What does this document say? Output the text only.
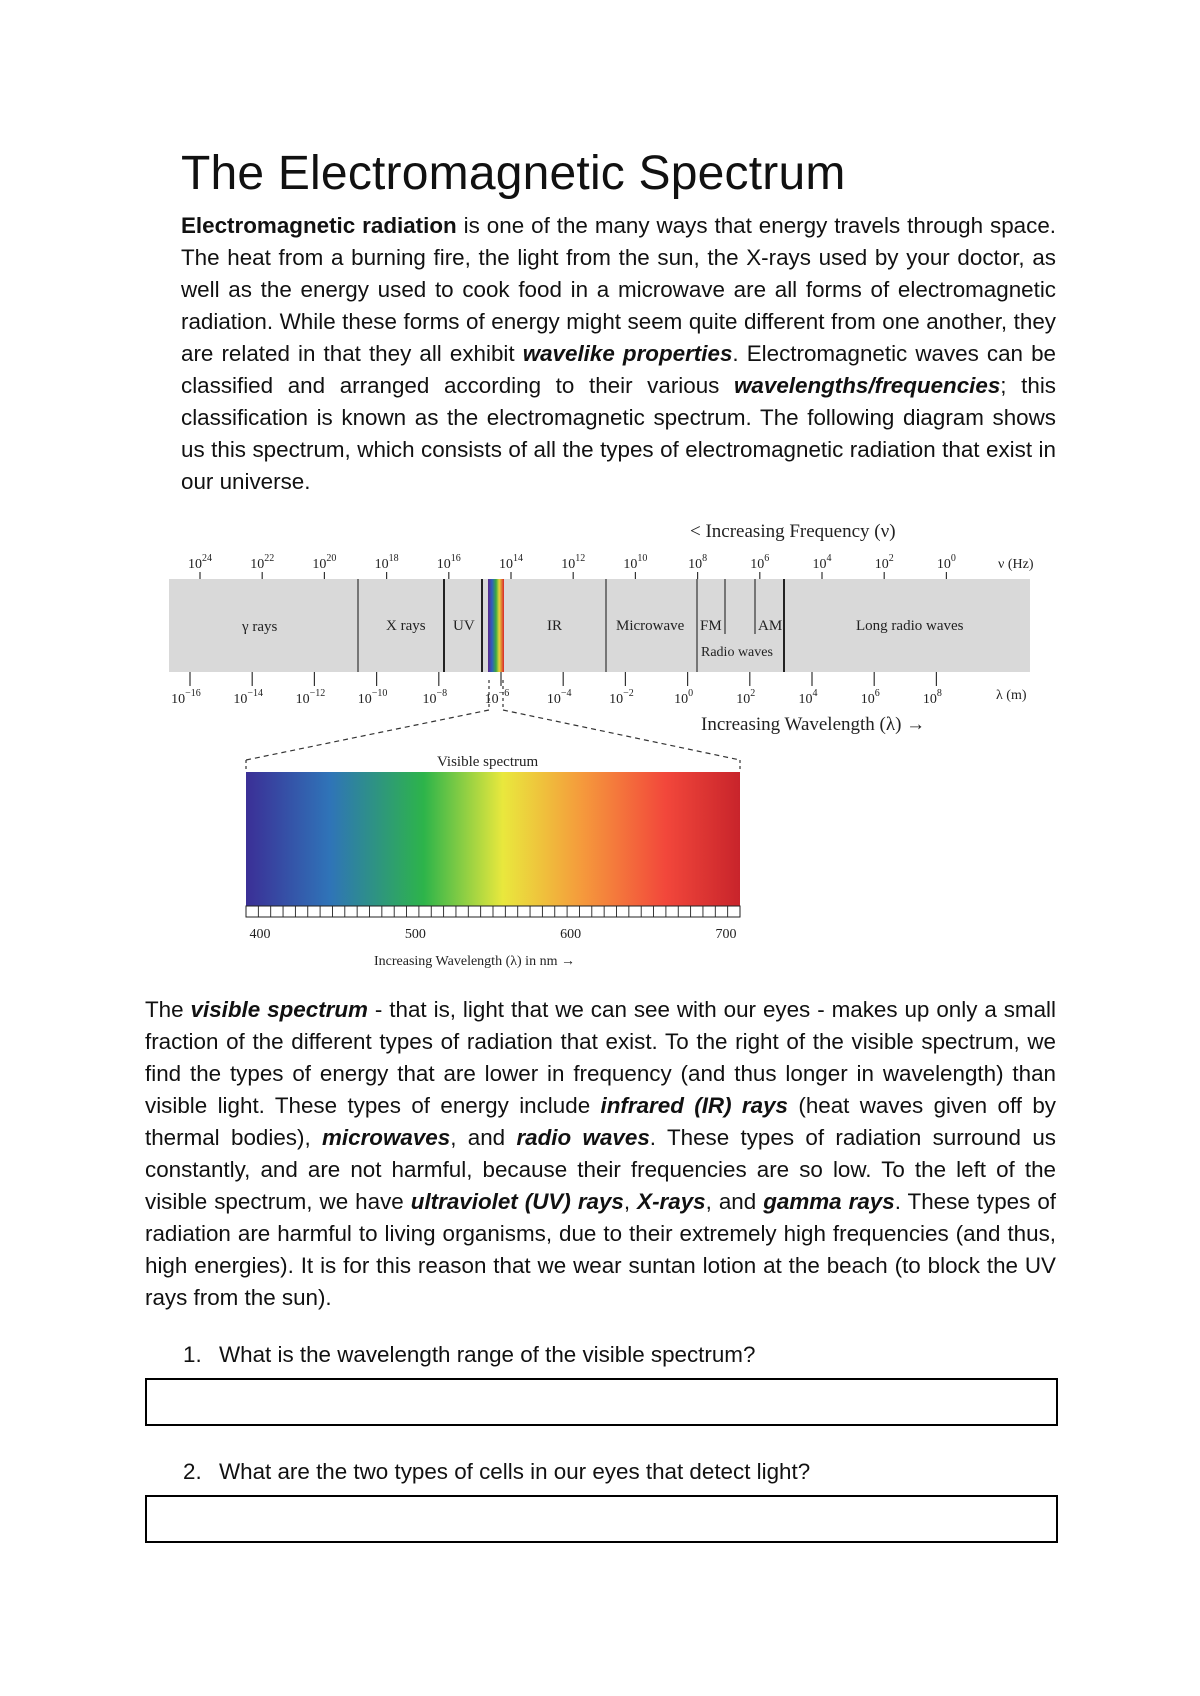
The Electromagnetic Spectrum

Electromagnetic radiation is one of the many ways that energy travels through space. The heat from a burning fire, the light from the sun, the X-rays used by your doctor, as well as the energy used to cook food in a microwave are all forms of electromagnetic radiation. While these forms of energy might seem quite different from one another, they are related in that they all exhibit wavelike properties. Electromagnetic waves can be classified and arranged according to their various wavelengths/frequencies; this classification is known as the electromagnetic spectrum. The following diagram shows us this spectrum, which consists of all the types of electromagnetic radiation that exist in our universe.

< Increasing Frequency (ν)
$10^{24}$	$10^{22}$	$10^{20}$	$10^{18}$	$10^{16}$	$10^{14}$	$10^{12}$	$10^{10}$	$10^8$	$10^6$	$10^4$	$10^2$	$10^0$	ν (Hz)
γ rays	X rays UV	IR	Microwave FM AM
Radio waves
Long radio waves
$10^{-16}$ $10^{-14}$ $10^{-12}$ $10^{-10}$	$10^{-8}$	$10^{-6}$	$10^{-4}$	$10^{-2}$	$10^0$	$10^2$	$10^4$	$10^6$	$10^8$	λ (m)
Increasing Wavelength (λ) →
Visible spectrum
400	500	600	700
Increasing Wavelength (λ) in nm →

The visible spectrum - that is, light that we can see with our eyes - makes up only a small fraction of the different types of radiation that exist. To the right of the visible spectrum, we find the types of energy that are lower in frequency (and thus longer in wavelength) than visible light. These types of energy include infrared (IR) rays (heat waves given off by thermal bodies), microwaves, and radio waves. These types of radiation surround us constantly, and are not harmful, because their frequencies are so low. To the left of the visible spectrum, we have ultraviolet (UV) rays, X-rays, and gamma rays. These types of radiation are harmful to living organisms, due to their extremely high frequencies (and thus, high energies). It is for this reason that we wear suntan lotion at the beach (to block the UV rays from the sun).

1. What is the wavelength range of the visible spectrum?

2. What are the two types of cells in our eyes that detect light?
